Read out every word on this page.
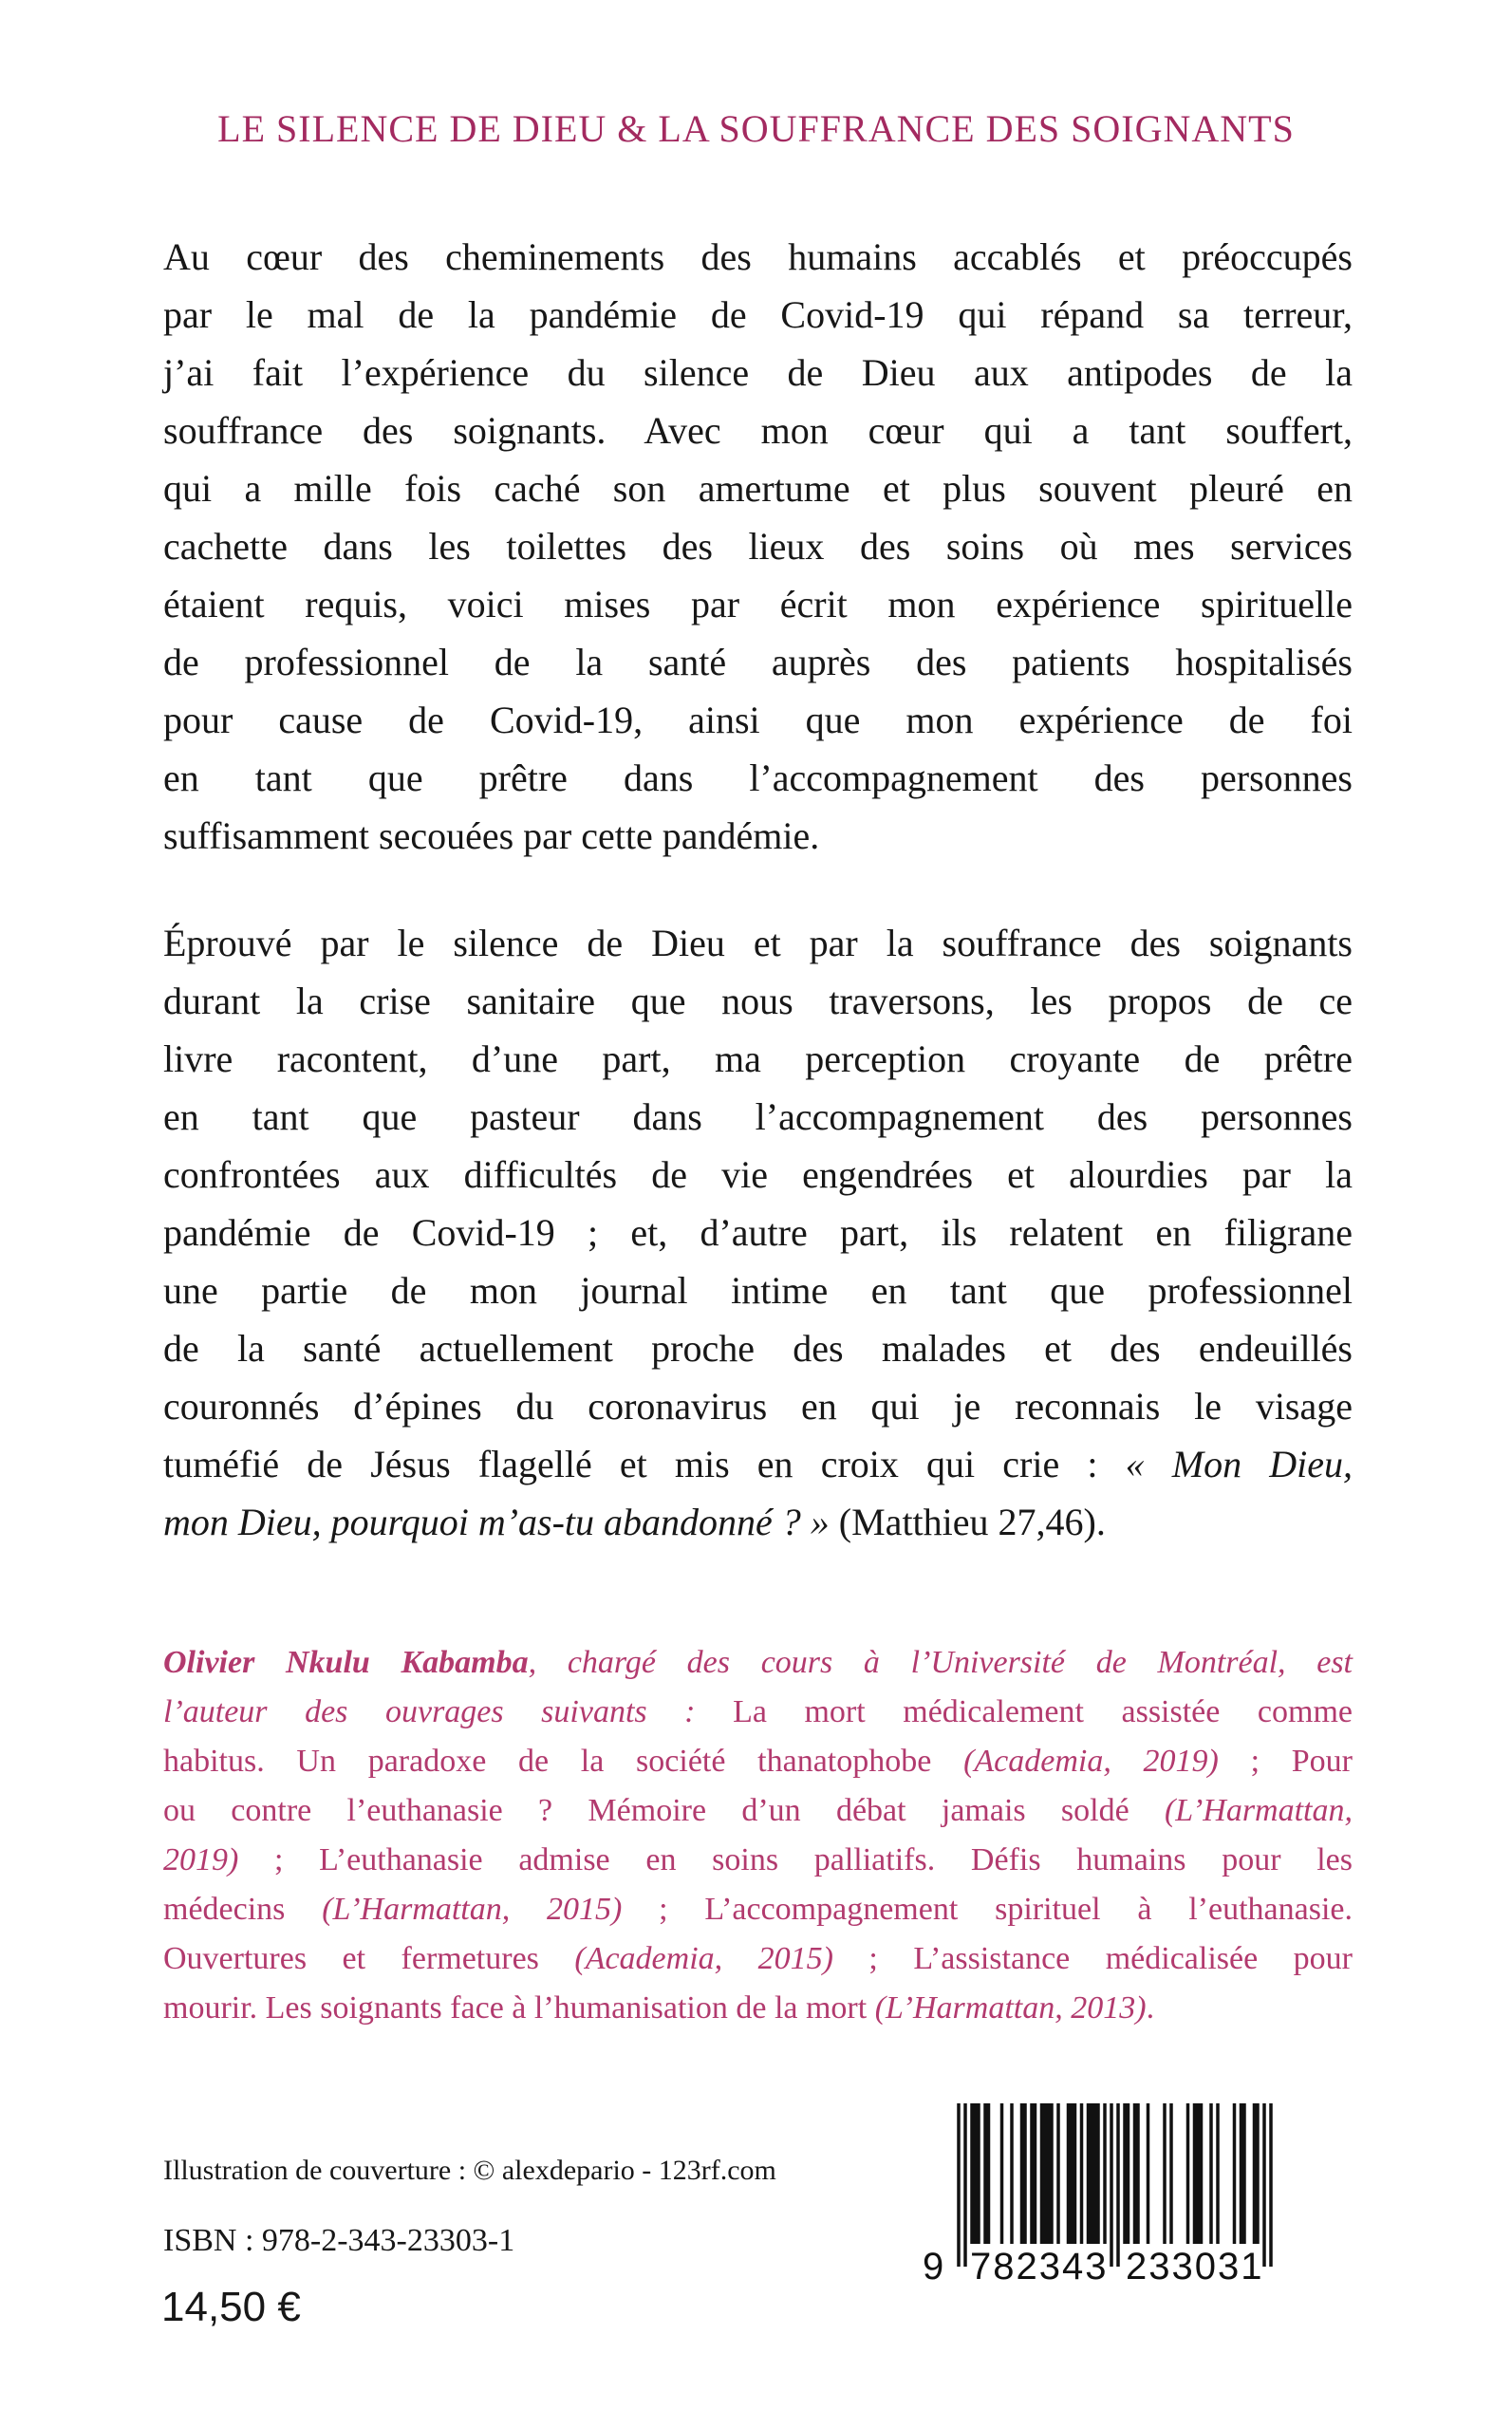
LE SILENCE DE DIEU & LA SOUFFRANCE DES SOIGNANTS
Au cœur des cheminements des humains accablés et préoccupés
par le mal de la pandémie de Covid-19 qui répand sa terreur,
j’ai fait l’expérience du silence de Dieu aux antipodes de la
souffrance des soignants. Avec mon cœur qui a tant souffert,
qui a mille fois caché son amertume et plus souvent pleuré en
cachette dans les toilettes des lieux des soins où mes services
étaient requis, voici mises par écrit mon expérience spirituelle
de professionnel de la santé auprès des patients hospitalisés
pour cause de Covid-19, ainsi que mon expérience de foi
en tant que prêtre dans l’accompagnement des personnes
suffisamment secouées par cette pandémie.
Éprouvé par le silence de Dieu et par la souffrance des soignants
durant la crise sanitaire que nous traversons, les propos de ce
livre racontent, d’une part, ma perception croyante de prêtre
en tant que pasteur dans l’accompagnement des personnes
confrontées aux difficultés de vie engendrées et alourdies par la
pandémie de Covid-19 ; et, d’autre part, ils relatent en filigrane
une partie de mon journal intime en tant que professionnel
de la santé actuellement proche des malades et des endeuillés
couronnés d’épines du coronavirus en qui je reconnais le visage
tuméfié de Jésus flagellé et mis en croix qui crie : « Mon Dieu,
mon Dieu, pourquoi m’as-tu abandonné ? » (Matthieu 27,46).
Olivier Nkulu Kabamba, chargé des cours à l’Université de Montréal, est
l’auteur des ouvrages suivants : La mort médicalement assistée comme
habitus. Un paradoxe de la société thanatophobe (Academia, 2019) ; Pour
ou contre l’euthanasie ? Mémoire d’un débat jamais soldé (L’Harmattan,
2019) ; L’euthanasie admise en soins palliatifs. Défis humains pour les
médecins (L’Harmattan, 2015) ; L’accompagnement spirituel à l’euthanasie.
Ouvertures et fermetures (Academia, 2015) ; L’assistance médicalisée pour
mourir. Les soignants face à l’humanisation de la mort (L’Harmattan, 2013).
Illustration de couverture : © alexdepario - 123rf.com
ISBN : 978-2-343-23303-1
14,50 €
9 782343 233031
